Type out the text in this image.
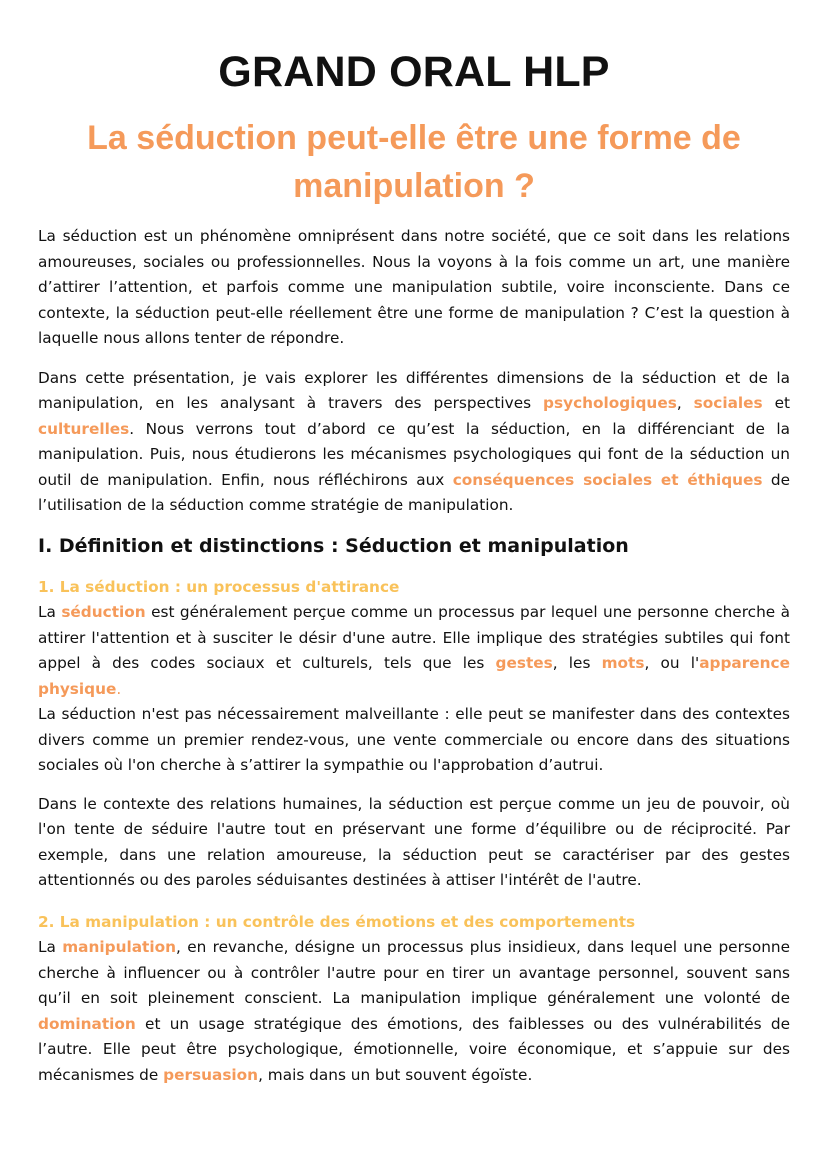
GRAND ORAL HLP
La séduction peut-elle être une forme de manipulation ?

La séduction est un phénomène omniprésent dans notre société, que ce soit dans les relations amoureuses, sociales ou professionnelles. Nous la voyons à la fois comme un art, une manière d’attirer l’attention, et parfois comme une manipulation subtile, voire inconsciente. Dans ce contexte, la séduction peut-elle réellement être une forme de manipulation ? C’est la question à laquelle nous allons tenter de répondre.

Dans cette présentation, je vais explorer les différentes dimensions de la séduction et de la manipulation, en les analysant à travers des perspectives psychologiques, sociales et culturelles. Nous verrons tout d’abord ce qu’est la séduction, en la différenciant de la manipulation. Puis, nous étudierons les mécanismes psychologiques qui font de la séduction un outil de manipulation. Enfin, nous réfléchirons aux conséquences sociales et éthiques de l’utilisation de la séduction comme stratégie de manipulation.

I. Définition et distinctions : Séduction et manipulation
1. La séduction : un processus d'attirance

La séduction est généralement perçue comme un processus par lequel une personne cherche à attirer l'attention et à susciter le désir d'une autre. Elle implique des stratégies subtiles qui font appel à des codes sociaux et culturels, tels que les gestes, les mots, ou l'apparence physique.
La séduction n'est pas nécessairement malveillante : elle peut se manifester dans des contextes divers comme un premier rendez-vous, une vente commerciale ou encore dans des situations sociales où l'on cherche à s’attirer la sympathie ou l'approbation d’autrui.

Dans le contexte des relations humaines, la séduction est perçue comme un jeu de pouvoir, où l'on tente de séduire l'autre tout en préservant une forme d’équilibre ou de réciprocité. Par exemple, dans une relation amoureuse, la séduction peut se caractériser par des gestes attentionnés ou des paroles séduisantes destinées à attiser l'intérêt de l'autre.

2. La manipulation : un contrôle des émotions et des comportements

La manipulation, en revanche, désigne un processus plus insidieux, dans lequel une personne cherche à influencer ou à contrôler l'autre pour en tirer un avantage personnel, souvent sans qu’il en soit pleinement conscient. La manipulation implique généralement une volonté de domination et un usage stratégique des émotions, des faiblesses ou des vulnérabilités de l’autre. Elle peut être psychologique, émotionnelle, voire économique, et s’appuie sur des mécanismes de persuasion, mais dans un but souvent égoïste.
